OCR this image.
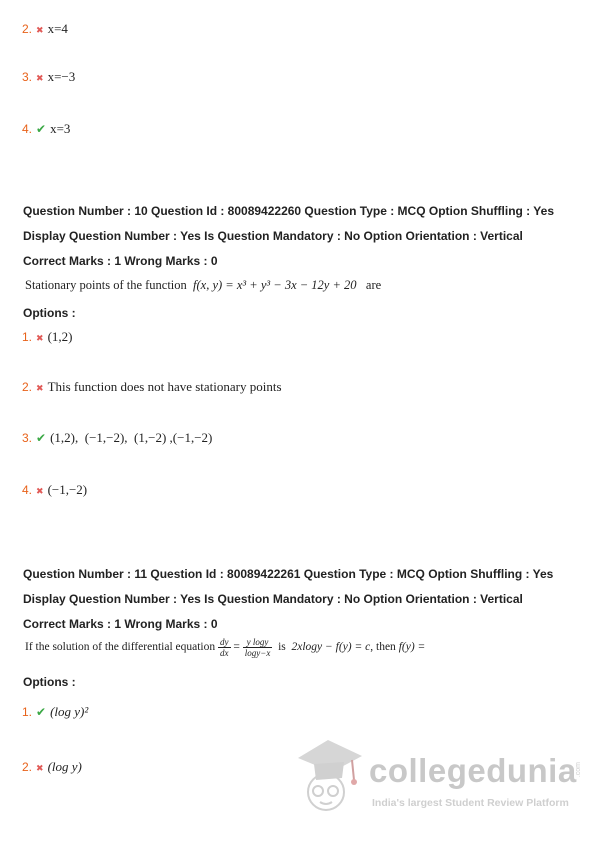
2. ✖ x=4
3. ✖ x=−3
4. ✔ x=3
Question Number : 10 Question Id : 80089422260 Question Type : MCQ Option Shuffling : Yes
Display Question Number : Yes Is Question Mandatory : No Option Orientation : Vertical
Correct Marks : 1 Wrong Marks : 0
Stationary points of the function f(x, y) = x³ + y³ − 3x − 12y + 20 are
Options :
1. ✖ (1,2)
2. ✖ This function does not have stationary points
3. ✔ (1,2),  (−1,−2),  (1,−2) ,(−1,−2)
4. ✖ (−1,−2)
Question Number : 11 Question Id : 80089422261 Question Type : MCQ Option Shuffling : Yes
Display Question Number : Yes Is Question Mandatory : No Option Orientation : Vertical
Correct Marks : 1 Wrong Marks : 0
If the solution of the differential equation $\frac{dy}{dx} = \frac{\text{y logy}}{\log y-x}$ is 2xlogy − f(y) = c, then f(y) =
Options :
1. ✔ (log y)²
2. ✖ (log y)	collegedunia
.com
India's largest Student Review Platform
